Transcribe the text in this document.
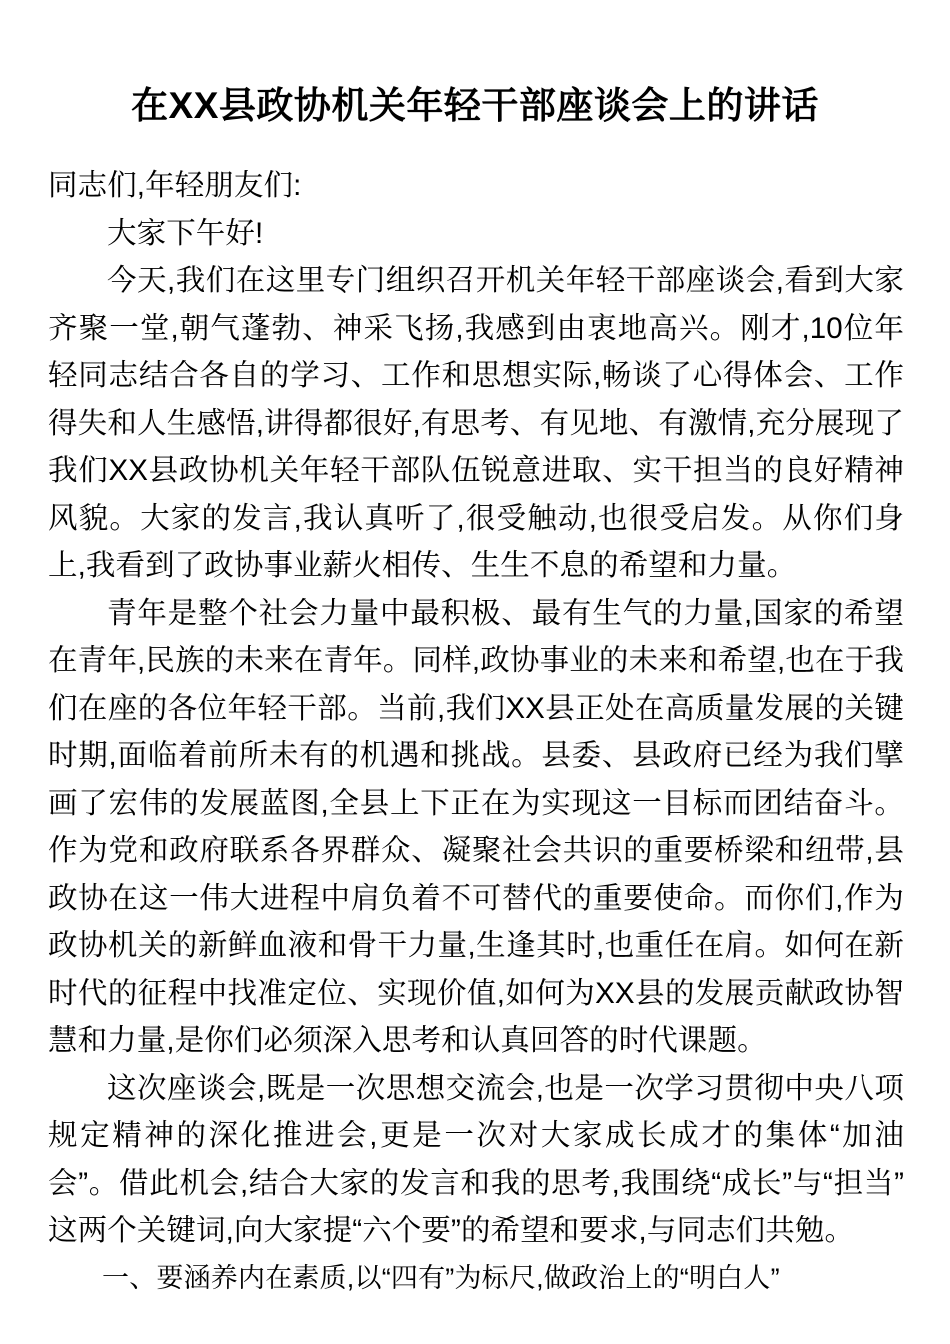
在XX县政协机关年轻干部座谈会上的讲话

同志们,年轻朋友们:

大家下午好!

今天,我们在这里专门组织召开机关年轻干部座谈会,看到大家齐聚一堂,朝气蓬勃、神采飞扬,我感到由衷地高兴。刚才,10位年轻同志结合各自的学习、工作和思想实际,畅谈了心得体会、工作得失和人生感悟,讲得都很好,有思考、有见地、有激情,充分展现了我们XX县政协机关年轻干部队伍锐意进取、实干担当的良好精神风貌。大家的发言,我认真听了,很受触动,也很受启发。从你们身上,我看到了政协事业薪火相传、生生不息的希望和力量。

青年是整个社会力量中最积极、最有生气的力量,国家的希望在青年,民族的未来在青年。同样,政协事业的未来和希望,也在于我们在座的各位年轻干部。当前,我们XX县正处在高质量发展的关键时期,面临着前所未有的机遇和挑战。县委、县政府已经为我们擘画了宏伟的发展蓝图,全县上下正在为实现这一目标而团结奋斗。作为党和政府联系各界群众、凝聚社会共识的重要桥梁和纽带,县政协在这一伟大进程中肩负着不可替代的重要使命。而你们,作为政协机关的新鲜血液和骨干力量,生逢其时,也重任在肩。如何在新时代的征程中找准定位、实现价值,如何为XX县的发展贡献政协智慧和力量,是你们必须深入思考和认真回答的时代课题。

这次座谈会,既是一次思想交流会,也是一次学习贯彻中央八项规定精神的深化推进会,更是一次对大家成长成才的集体“加油会”。借此机会,结合大家的发言和我的思考,我围绕“成长”与“担当”这两个关键词,向大家提“六个要”的希望和要求,与同志们共勉。

一、要涵养内在素质,以“四有”为标尺,做政治上的“明白人”
